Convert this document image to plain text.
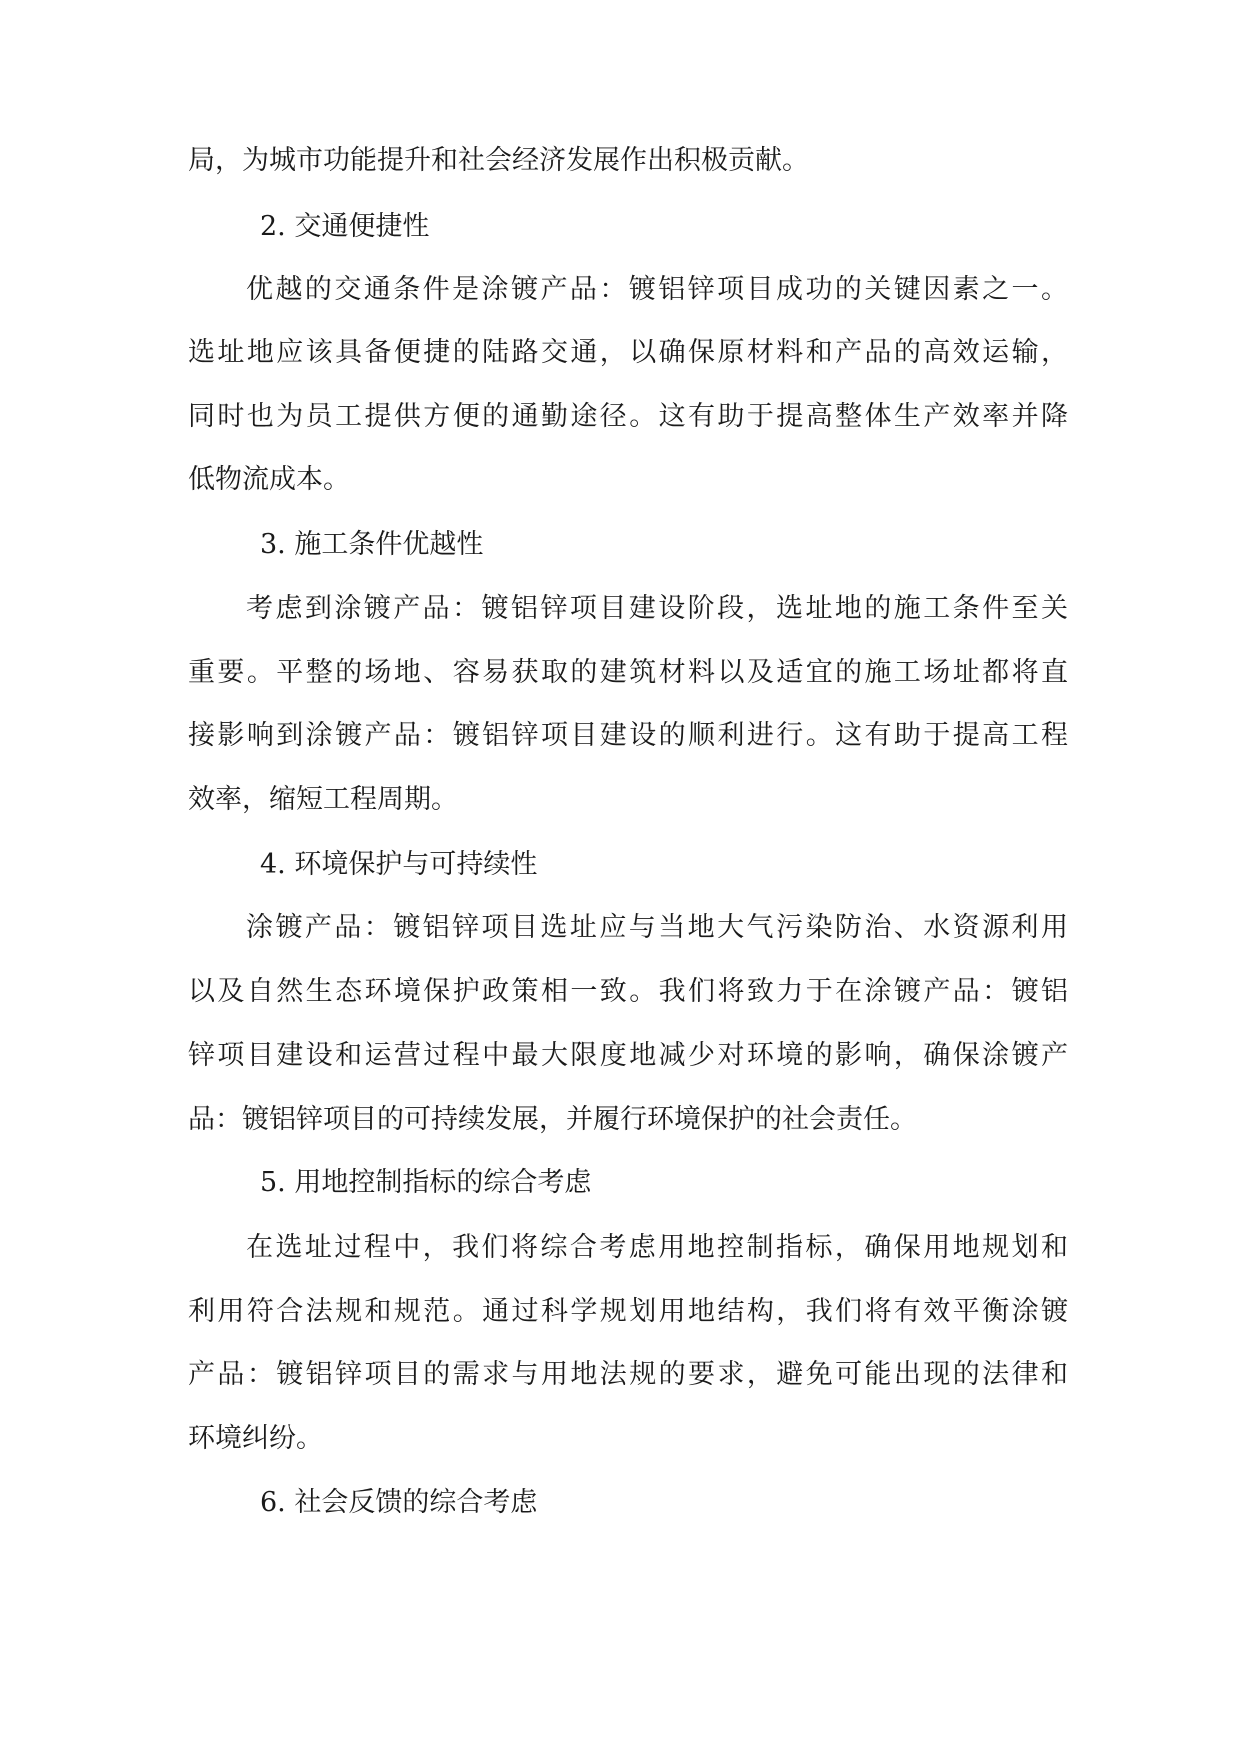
局，为城市功能提升和社会经济发展作出积极贡献。
2. 交通便捷性
优越的交通条件是涂镀产品：镀铝锌项目成功的关键因素之一。
选址地应该具备便捷的陆路交通，以确保原材料和产品的高效运输，
同时也为员工提供方便的通勤途径。这有助于提高整体生产效率并降
低物流成本。
3. 施工条件优越性
考虑到涂镀产品：镀铝锌项目建设阶段，选址地的施工条件至关
重要。平整的场地、容易获取的建筑材料以及适宜的施工场址都将直
接影响到涂镀产品：镀铝锌项目建设的顺利进行。这有助于提高工程
效率，缩短工程周期。
4. 环境保护与可持续性
涂镀产品：镀铝锌项目选址应与当地大气污染防治、水资源利用
以及自然生态环境保护政策相一致。我们将致力于在涂镀产品：镀铝
锌项目建设和运营过程中最大限度地减少对环境的影响，确保涂镀产
品：镀铝锌项目的可持续发展，并履行环境保护的社会责任。
5. 用地控制指标的综合考虑
在选址过程中，我们将综合考虑用地控制指标，确保用地规划和
利用符合法规和规范。通过科学规划用地结构，我们将有效平衡涂镀
产品：镀铝锌项目的需求与用地法规的要求，避免可能出现的法律和
环境纠纷。
6. 社会反馈的综合考虑
